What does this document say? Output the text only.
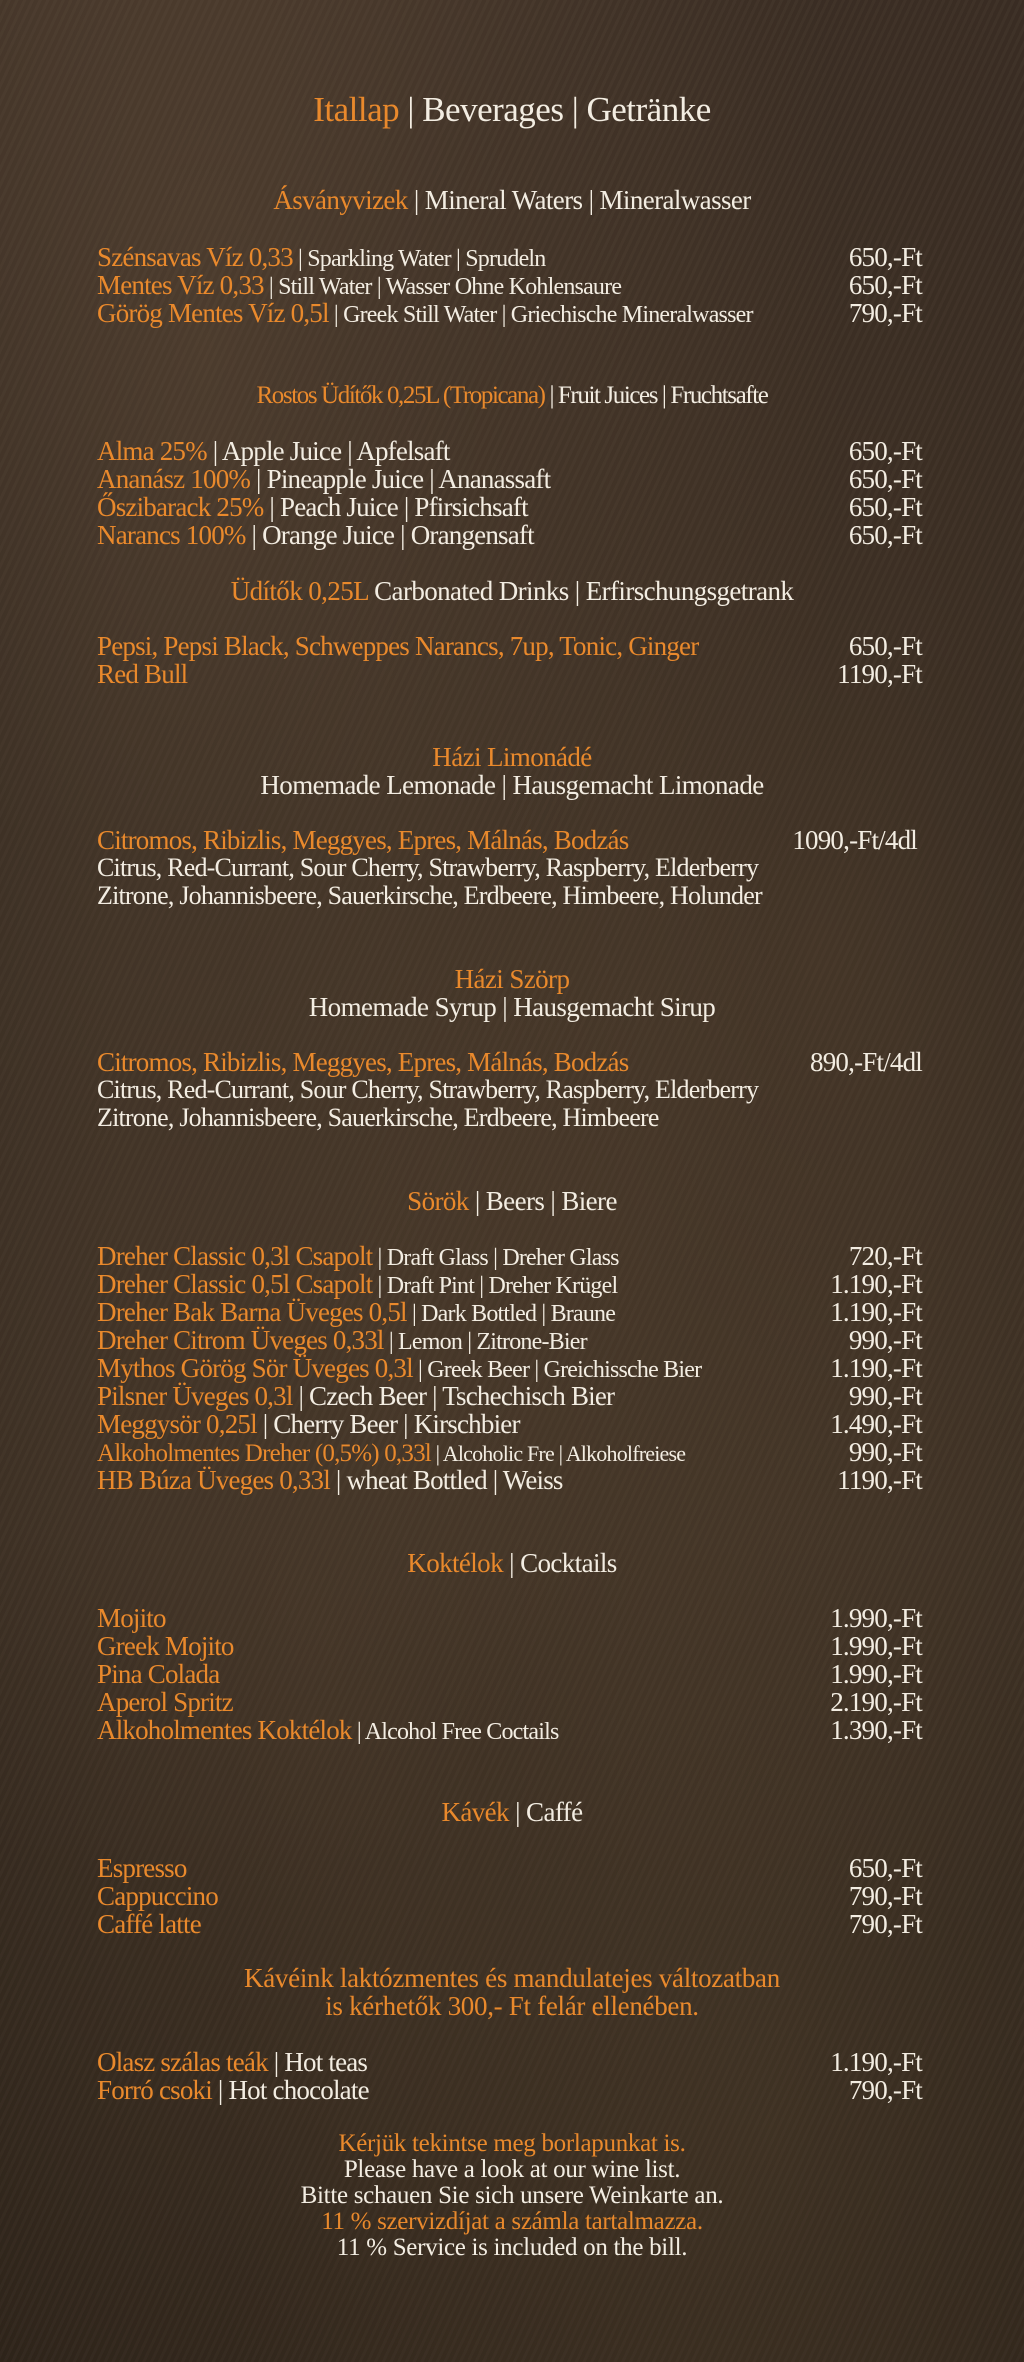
Itallap | Beverages | Getränke
Ásványvizek | Mineral Waters | Mineralwasser
Szénsavas Víz 0,33 | Sparkling Water | Sprudeln	650,-Ft
Mentes Víz 0,33 | Still Water | Wasser Ohne Kohlensaure	650,-Ft
Görög Mentes Víz 0,5l | Greek Still Water | Griechische Mineralwasser	790,-Ft
Rostos Üdítők 0,25L (Tropicana) | Fruit Juices | Fruchtsafte
Alma 25% | Apple Juice | Apfelsaft	650,-Ft
Ananász 100% | Pineapple Juice | Ananassaft	650,-Ft
Őszibarack 25% | Peach Juice | Pfirsichsaft	650,-Ft
Narancs 100% | Orange Juice | Orangensaft	650,-Ft
Üdítők 0,25L Carbonated Drinks | Erfirschungsgetrank
Pepsi, Pepsi Black, Schweppes Narancs, 7up, Tonic, Ginger	650,-Ft
Red Bull	1190,-Ft
Házi Limonádé
Homemade Lemonade | Hausgemacht Limonade
Citromos, Ribizlis, Meggyes, Epres, Málnás, Bodzás	1090,-Ft/4dl
Citrus, Red-Currant, Sour Cherry, Strawberry, Raspberry, Elderberry
Zitrone, Johannisbeere, Sauerkirsche, Erdbeere, Himbeere, Holunder
Házi Szörp
Homemade Syrup | Hausgemacht Sirup
Citromos, Ribizlis, Meggyes, Epres, Málnás, Bodzás	890,-Ft/4dl
Citrus, Red-Currant, Sour Cherry, Strawberry, Raspberry, Elderberry
Zitrone, Johannisbeere, Sauerkirsche, Erdbeere, Himbeere
Sörök | Beers | Biere
Dreher Classic 0,3l Csapolt | Draft Glass | Dreher Glass	720,-Ft
Dreher Classic 0,5l Csapolt | Draft Pint | Dreher Krügel	1.190,-Ft
Dreher Bak Barna Üveges 0,5l | Dark Bottled | Braune	1.190,-Ft
Dreher Citrom Üveges 0,33l | Lemon | Zitrone-Bier	990,-Ft
Mythos Görög Sör Üveges 0,3l | Greek Beer | Greichissche Bier	1.190,-Ft
Pilsner Üveges 0,3l | Czech Beer | Tschechisch Bier	990,-Ft
Meggysör 0,25l | Cherry Beer | Kirschbier	1.490,-Ft
Alkoholmentes Dreher (0,5%) 0,33l | Alcoholic Fre | Alkoholfreiese	990,-Ft
HB Búza Üveges 0,33l | wheat Bottled | Weiss	1190,-Ft
Koktélok | Cocktails
Mojito	1.990,-Ft
Greek Mojito	1.990,-Ft
Pina Colada	1.990,-Ft
Aperol Spritz	2.190,-Ft
Alkoholmentes Koktélok | Alcohol Free Coctails	1.390,-Ft
Kávék | Caffé
Espresso	650,-Ft
Cappuccino	790,-Ft
Caffé latte	790,-Ft
Kávéink laktózmentes és mandulatejes változatban
is kérhetők 300,- Ft felár ellenében.
Olasz szálas teák | Hot teas	1.190,-Ft
Forró csoki | Hot chocolate	790,-Ft
Kérjük tekintse meg borlapunkat is.
Please have a look at our wine list.
Bitte schauen Sie sich unsere Weinkarte an.
11 % szervizdíjat a számla tartalmazza.
11 % Service is included on the bill.
